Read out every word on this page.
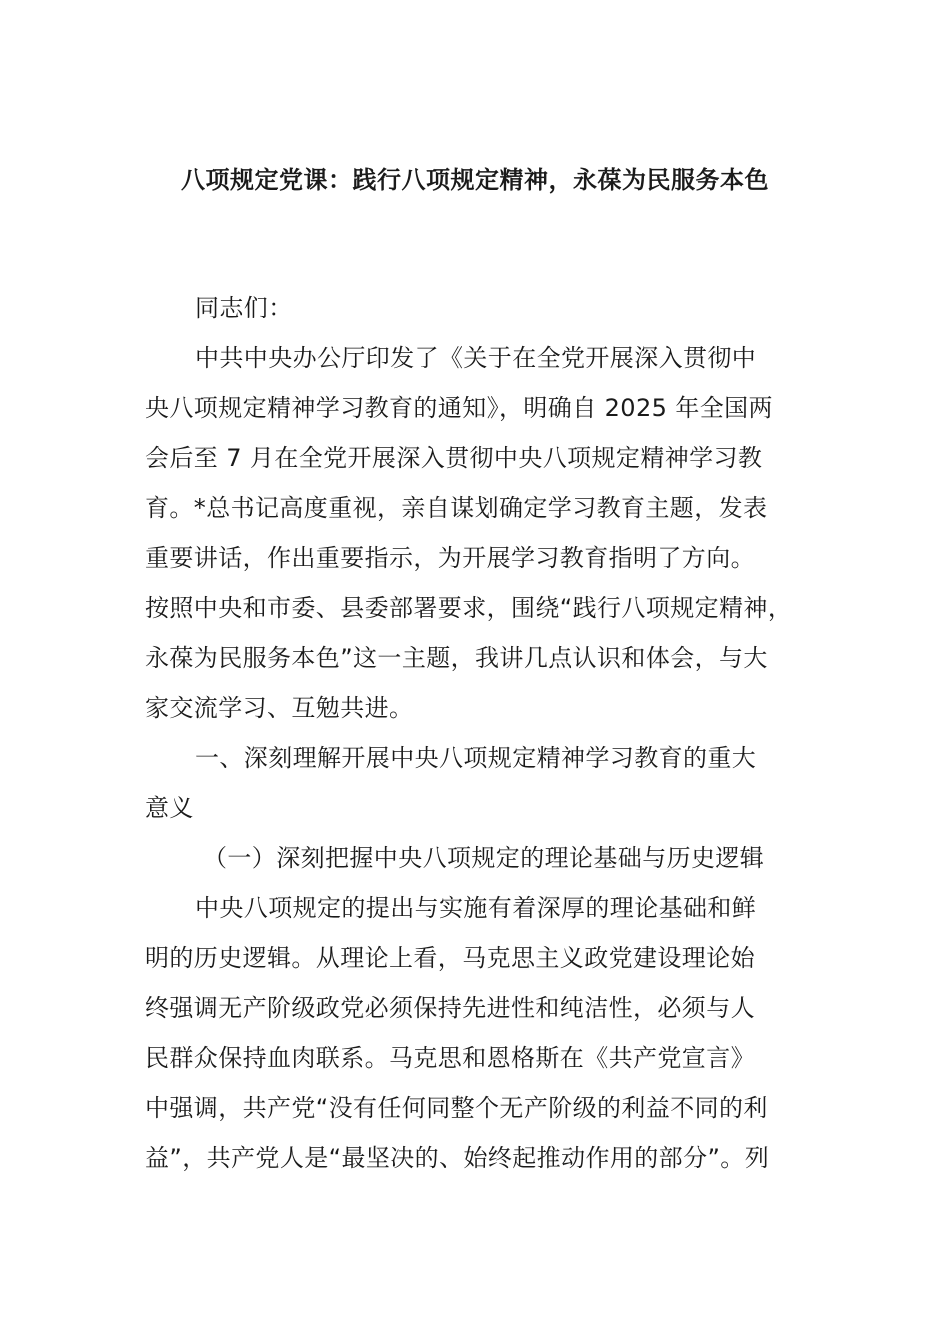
八项规定党课：践行八项规定精神，永葆为民服务本色
同志们：
中共中央办公厅印发了《关于在全党开展深入贯彻中
央八项规定精神学习教育的通知》，明确自 2025 年全国两
会后至 7 月在全党开展深入贯彻中央八项规定精神学习教
育。*总书记高度重视，亲自谋划确定学习教育主题，发表
重要讲话，作出重要指示，为开展学习教育指明了方向。
按照中央和市委、县委部署要求，围绕“践行八项规定精神，
永葆为民服务本色”这一主题，我讲几点认识和体会，与大
家交流学习、互勉共进。
一、深刻理解开展中央八项规定精神学习教育的重大
意义
（一）深刻把握中央八项规定的理论基础与历史逻辑
中央八项规定的提出与实施有着深厚的理论基础和鲜
明的历史逻辑。从理论上看，马克思主义政党建设理论始
终强调无产阶级政党必须保持先进性和纯洁性，必须与人
民群众保持血肉联系。马克思和恩格斯在《共产党宣言》
中强调，共产党“没有任何同整个无产阶级的利益不同的利
益”，共产党人是“最坚决的、始终起推动作用的部分”。列
